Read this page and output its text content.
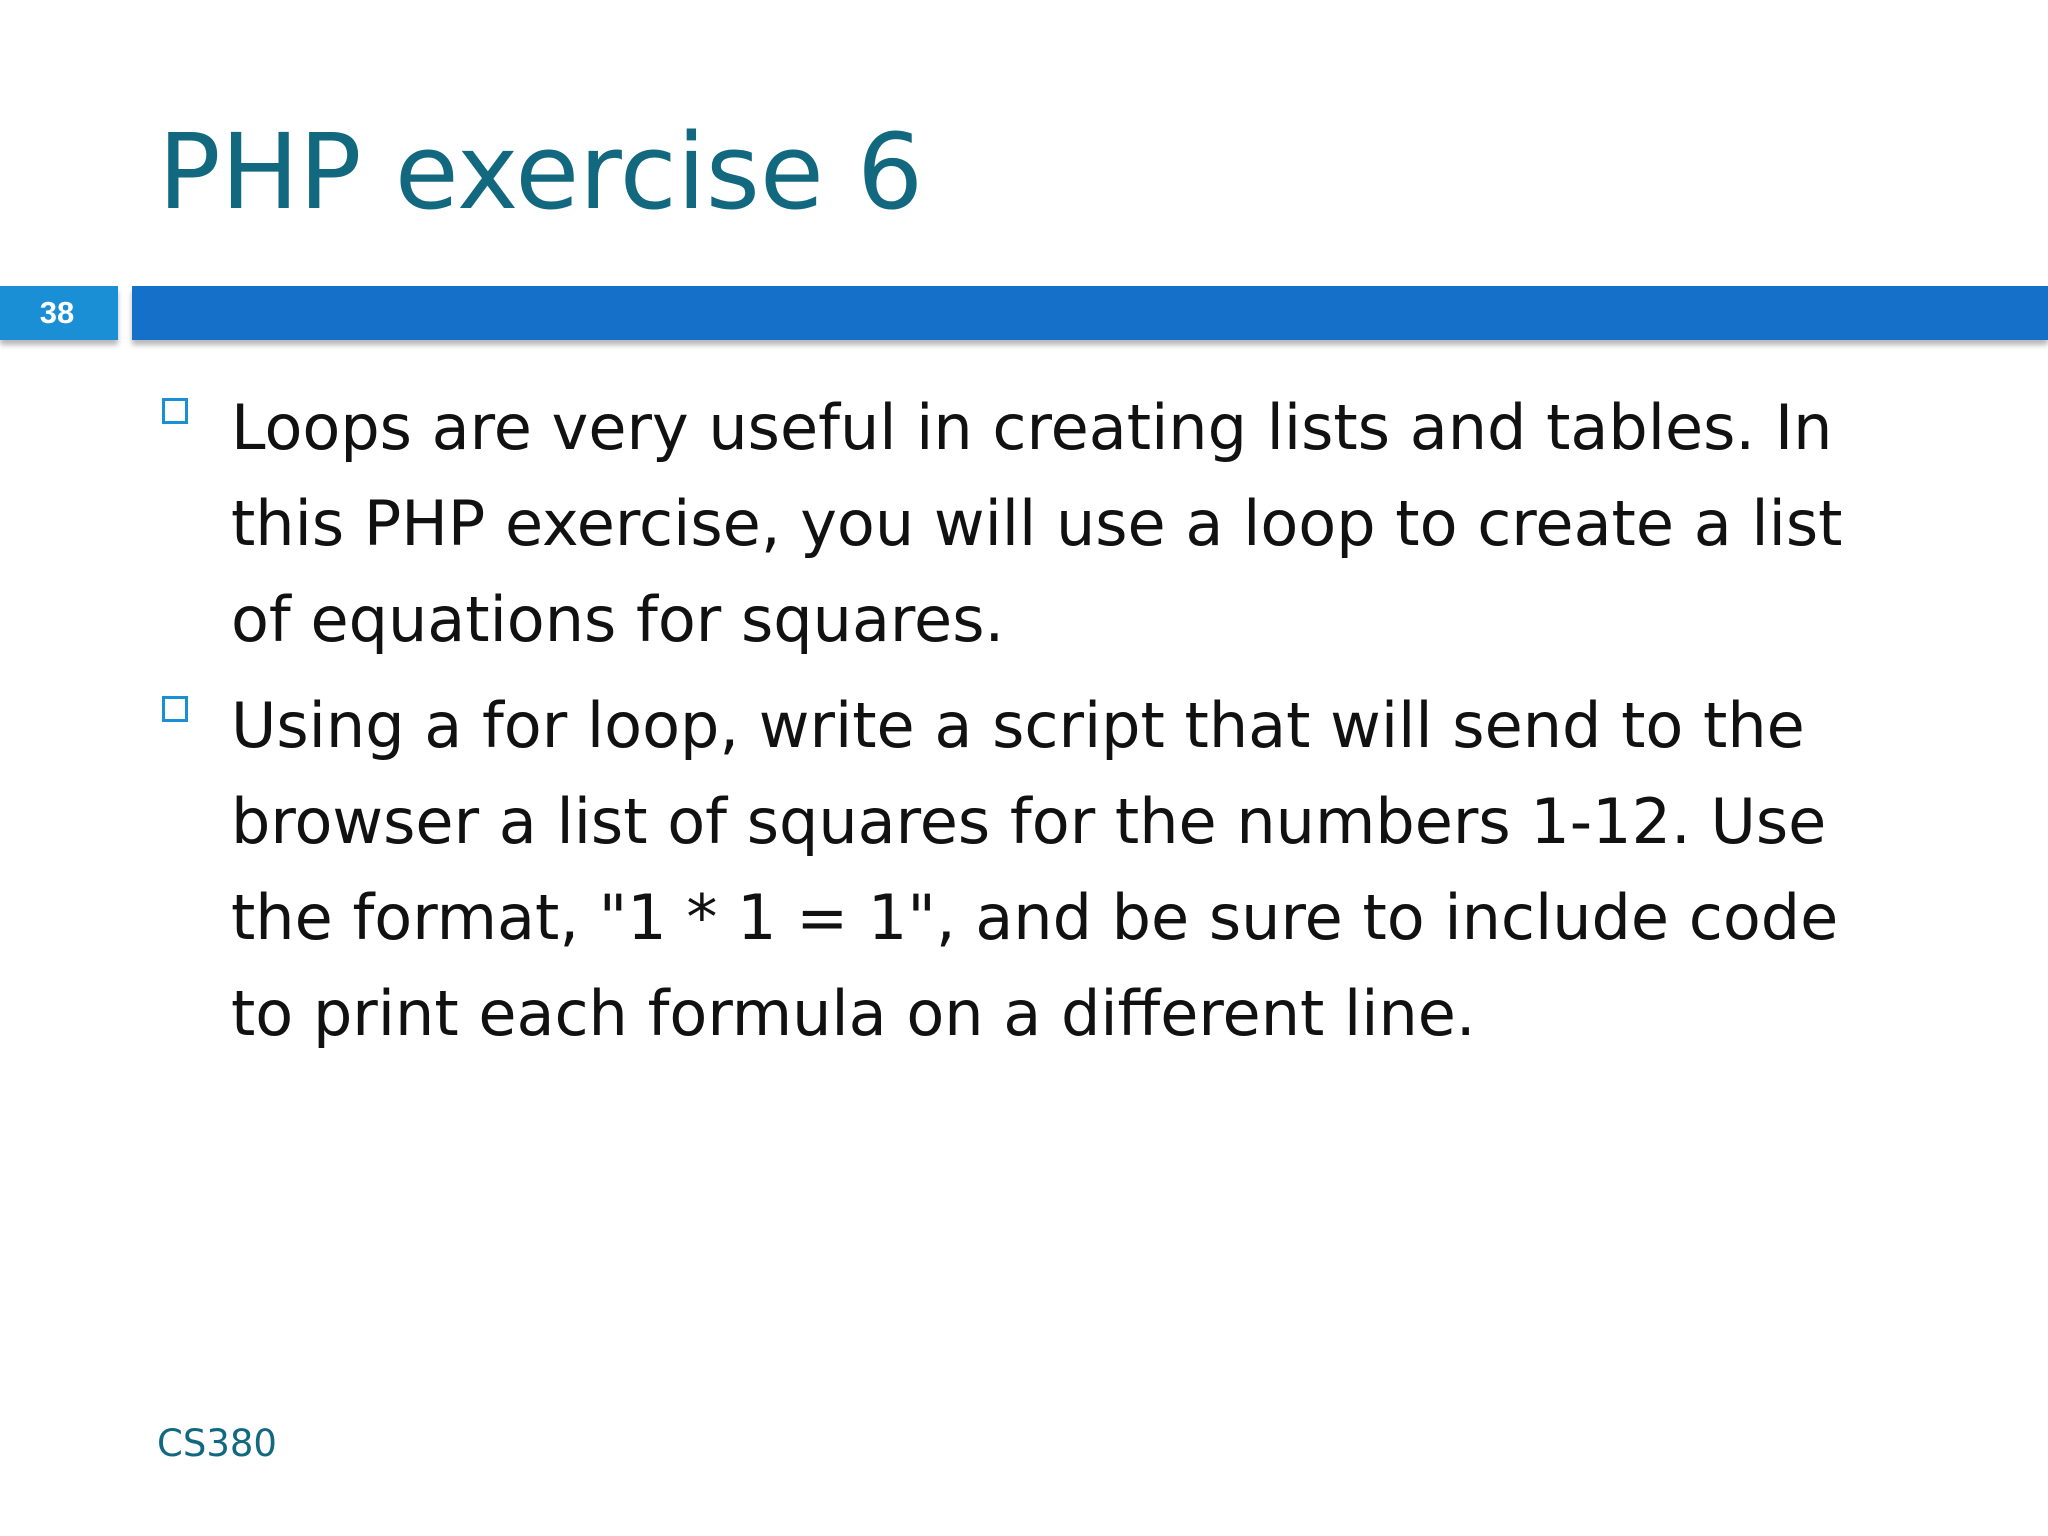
PHP exercise 6
38
Loops are very useful in creating lists and tables. In this PHP exercise, you will use a loop to create a list of equations for squares.
Using a for loop, write a script that will send to the browser a list of squares for the numbers 1-12. Use the format, "1 * 1 = 1", and be sure to include code to print each formula on a different line.
CS380
